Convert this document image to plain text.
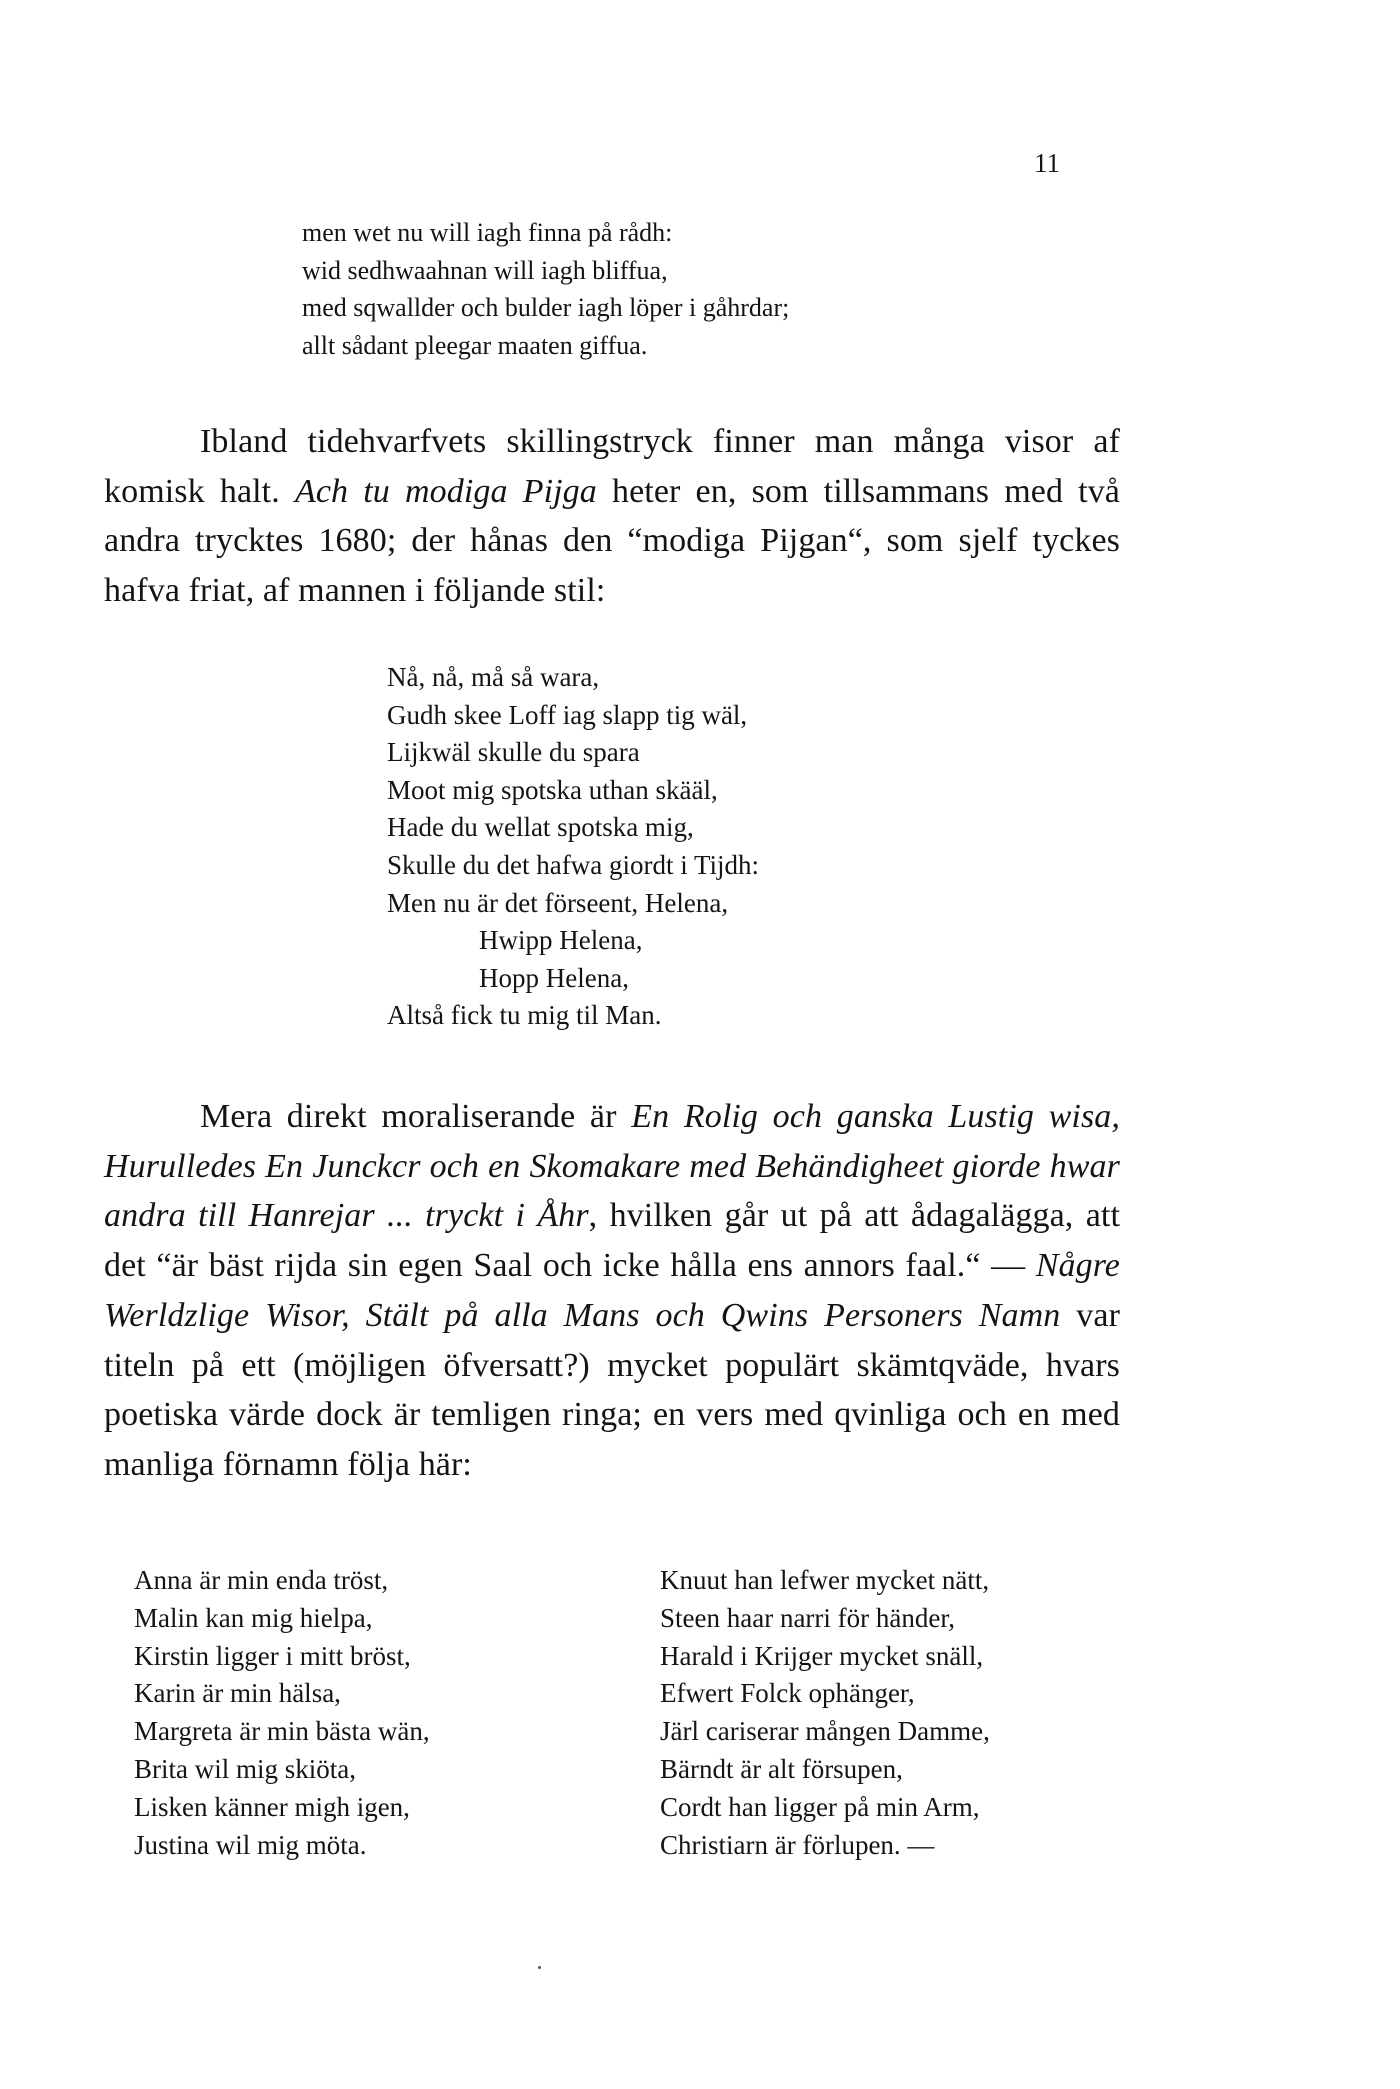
11
men wet nu will iagh finna på rådh:
wid sedhwaahnan will iagh bliffua,
med sqwallder och bulder iagh löper i gåhrdar;
allt sådant pleegar maaten giffua.

Ibland tidehvarfvets skillingstryck finner man många visor af komisk halt. Ach tu modiga Pijga heter en, som tillsammans med två andra trycktes 1680; der hånas den “modiga Pijgan“, som sjelf tyckes hafva friat, af mannen i följande stil:

Nå, nå, må så wara,
Gudh skee Loff iag slapp tig wäl,
Lijkwäl skulle du spara
Moot mig spotska uthan skääl,
Hade du wellat spotska mig,
Skulle du det hafwa giordt i Tijdh:
Men nu är det förseent, Helena,
Hwipp Helena,
Hopp Helena,
Altså fick tu mig til Man.

Mera direkt moraliserande är En Rolig och ganska Lustig wisa, Hurulledes En Junckcr och en Skomakare med Behändigheet giorde hwar andra till Hanrejar ... tryckt i Åhr, hvilken går ut på att ådagalägga, att det “är bäst rijda sin egen Saal och icke hålla ens annors faal.“ — Någre Werldzlige Wisor, Stält på alla Mans och Qwins Personers Namn var titeln på ett (möjligen öfversatt?) mycket populärt skämtqväde, hvars poetiska värde dock är temligen ringa; en vers med qvinliga och en med manliga förnamn följa här:

Anna är min enda tröst,
Malin kan mig hielpa,
Kirstin ligger i mitt bröst,
Karin är min hälsa,
Margreta är min bästa wän,
Brita wil mig skiöta,
Lisken känner migh igen,
Justina wil mig möta.
Knuut han lefwer mycket nätt,
Steen haar narri för händer,
Harald i Krijger mycket snäll,
Efwert Folck ophänger,
Järl cariserar mången Damme,
Bärndt är alt försupen,
Cordt han ligger på min Arm,
Christiarn är förlupen. —
